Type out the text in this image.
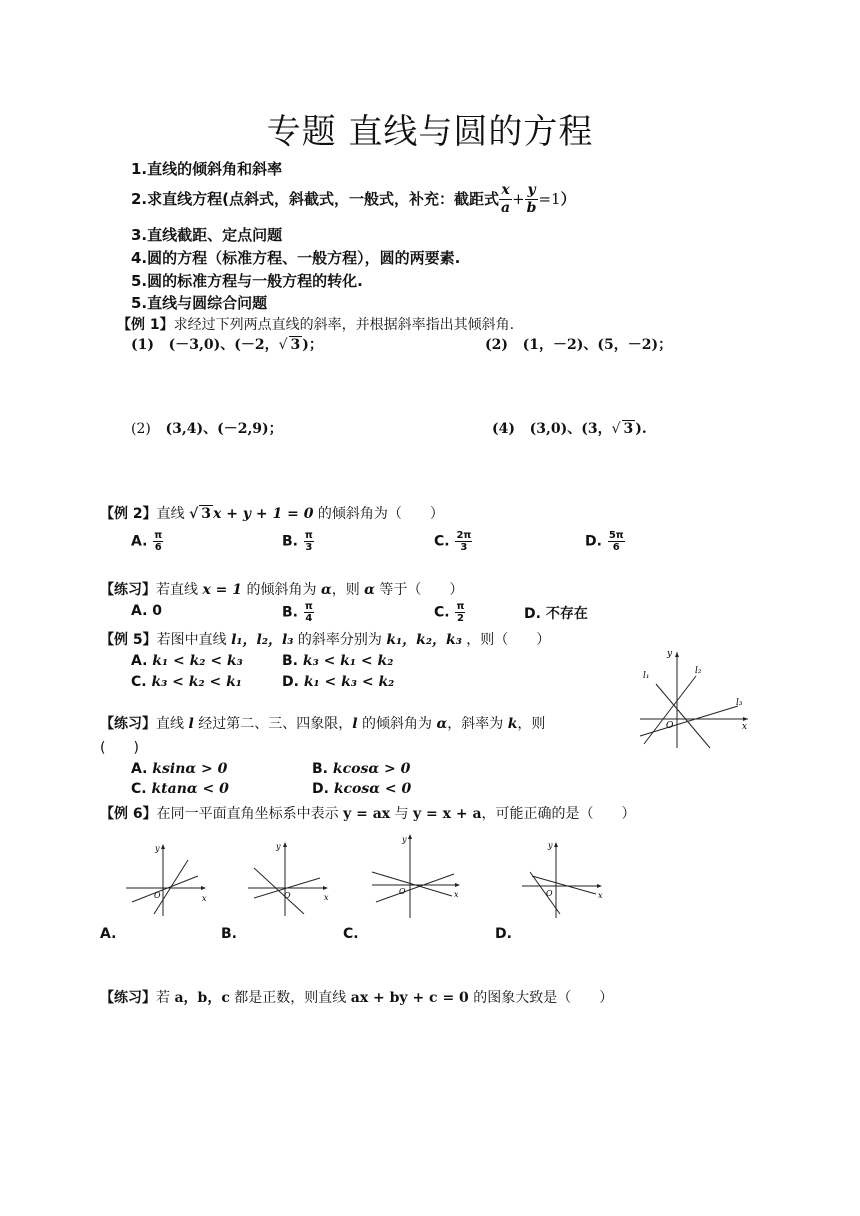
专题 直线与圆的方程
1.直线的倾斜角和斜率
2.求直线方程(点斜式，斜截式，一般式，补充：截距式 $\frac{x}{a} + \frac{y}{b} =1$）
3.直线截距、定点问题
4.圆的方程（标准方程、一般方程），圆的两要素.
5.圆的标准方程与一般方程的转化.
5.直线与圆综合问题
【例 1】求经过下列两点直线的斜率，并根据斜率指出其倾斜角.
(1) (－3,0)、(－2，√ 3 )；	(2) (1，－2)、(5，－2)；
(2) (3,4)、(－2,9)；	(4) (3,0)、(3，√ 3 ).
【例 2】直线 √ 3 x + y + 1 = 0 的倾斜角为（　　）
A. $\frac{\pi}{6}$	B. $\frac{\pi}{3}$	C. $\frac{2\pi}{3}$	D. $\frac{5\pi}{6}$
【练习】若直线 x = 1 的倾斜角为 α，则 α 等于（　　）
A. 0	B. $\frac{\pi}{4}$	C. $\frac{\pi}{2}$	D. 不存在
【例 5】若图中直线 l₁，l₂，l₃ 的斜率分别为 k₁，k₂，k₃ ，则（　　）
A. k₁ < k₂ < k₃	B. k₃ < k₁ < k₂
C. k₃ < k₂ < k₁	D. k₁ < k₃ < k₂
y
x
O
l₁	l₂
l₃
【练习】直线 l 经过第二、三、四象限，l 的倾斜角为 α，斜率为 k，则
(　　)
A. ksinα > 0	B. kcosα > 0
C. ktanα < 0	D. kcosα < 0
【例 6】在同一平面直角坐标系中表示 y = ax 与 y = x + a，可能正确的是（　　）
y
x
O
y
x
O
y
x
O
y
x
O
A.	B.	C.	D.
【练习】若 a，b，c 都是正数，则直线 ax + by + c = 0 的图象大致是（　　）
